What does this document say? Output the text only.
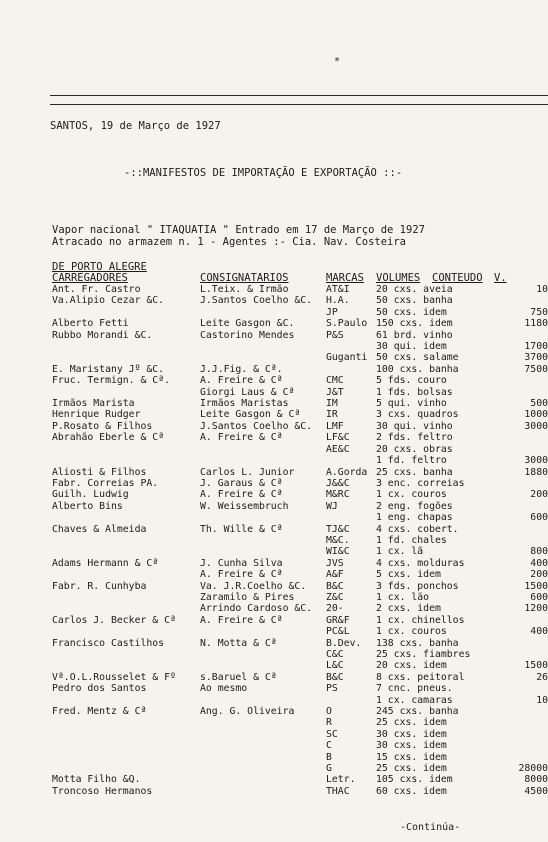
*
SANTOS, 19 de Março de 1927
-::MANIFESTOS DE IMPORTAÇÃO E EXPORTAÇÃO ::-
Vapor nacional " ITAQUATIA " Entrado em 17 de Março de 1927
Atracado no armazem n. 1 - Agentes :- Cia. Nav. Costeira
DE PORTO ALEGRE
CARREGADORES	CONSIGNATARIOS	MARCAS VOLUMES CONTEUDO V.
Ant. Fr. Castro	L.Teix. & Irmão	AT&I	20 cxs. aveia	10
Va.Alipio Cezar &C.	J.Santos Coelho &C.	H.A.	50 cxs. banha	
		JP	50 cxs. idem	750
Alberto Fetti	Leite Gasgon &C.	S.Paulo	150 cxs. idem	1180
Rubbo Morandi &C.	Castorino Mendes	P&S	61 brd. vinho	
			30 qui. idem	1700
		Guganti	50 cxs. salame	3700
E. Maristany Jº &C.	J.J.Fig. & Cª.		100 cxs. banha	7500
Fruc. Termign. & Cª.	A. Freire & Cª	CMC	5 fds. couro	
	Giorgi Laus & Cª	J&T	1 fds. bolsas	
Irmãos Marista	Irmãos Maristas	IM	5 qui. vinho	500
Henrique Rudger	Leite Gasgon & Cª	IR	3 cxs. quadros	1000
P.Rosato & Filhos	J.Santos Coelho &C.	LMF	30 qui. vinho	3000
Abrahão Eberle & Cª	A. Freire & Cª	LF&C	2 fds. feltro	
		AE&C	20 cxs. obras	
			1 fd. feltro	3000
Aliosti & Filhos	Carlos L. Junior	A.Gorda	25 cxs. banha	1880
Fabr. Correias PA.	J. Garaus & Cª	J&&C	3 enc. correias	
Guilh. Ludwig	A. Freire & Cª	M&RC	1 cx. couros	200
Alberto Bins	W. Weissembruch	WJ	2 eng. fogões	
			1 eng. chapas	600
Chaves & Almeida	Th. Wille & Cª	TJ&C	4 cxs. cobert.	
		M&C.	1 fd. chales	
		WI&C	1 cx. lã	800
Adams Hermann & Cª	J. Cunha Silva	JVS	4 cxs. molduras	400
	A. Freire & Cª	A&F	5 cxs. idem	200
Fabr. R. Cunhyba	Va. J.R.Coelho &C.	B&C	3 fds. ponchos	1500
	Zaramilo & Pires	Z&C	1 cx. lão	600
	Arrindo Cardoso &C.	20-	2 cxs. idem	1200
Carlos J. Becker & Cª	A. Freire & Cª	GR&F	1 cx. chinellos	
		PC&L	1 cx. couros	400
Francisco Castilhos	N. Motta & Cª	B.Dev.	138 cxs. banha	
		C&C	25 cxs. fiambres	
		L&C	20 cxs. idem	1500
Vª.O.L.Rousselet & Fº	s.Baruel & Cª	B&C	8 cxs. peitoral	26
Pedro dos Santos	Ao mesmo	PS	7 cnc. pneus.	
			1 cx. camaras	10
Fred. Mentz & Cª	Ang. G. Oliveira	O	245 cxs. banha	
		R	25 cxs. idem	
		SC	30 cxs. idem	
		C	30 cxs. idem	
		B	15 cxs. idem	
		G	25 cxs. idem	28000
Motta Filho &Q.		Letr.	105 cxs. idem	8000
Troncoso Hermanos		THAC	60 cxs. idem	4500
-Continúa-
